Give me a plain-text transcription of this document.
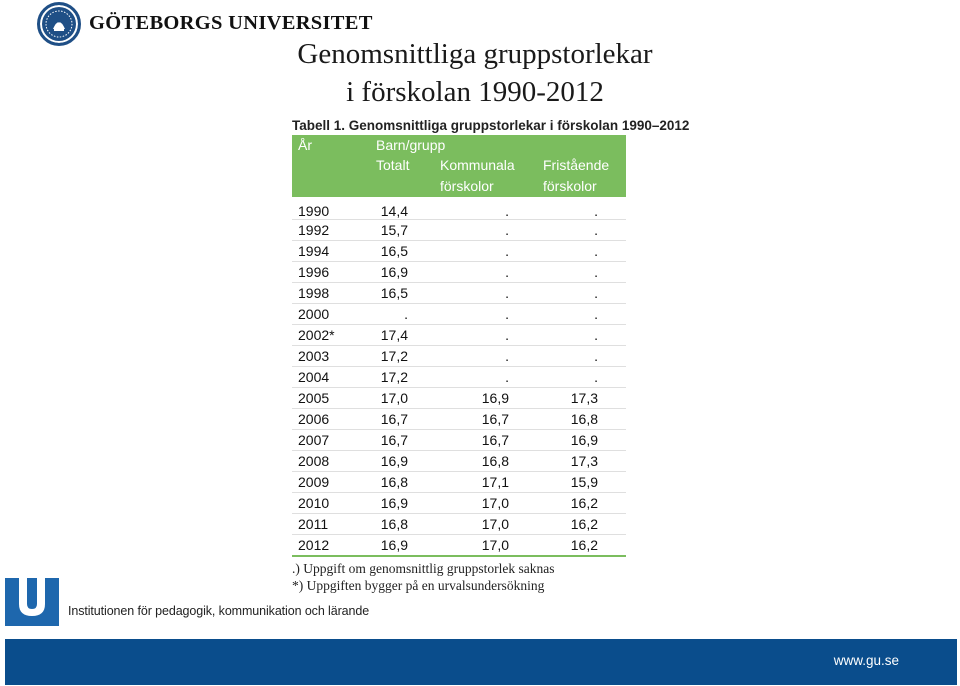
GÖTEBORGS UNIVERSITET
Genomsnittliga gruppstorlekar
i förskolan 1990-2012
Tabell 1. Genomsnittliga gruppstorlekar i förskolan 1990–2012
År	Barn/grupp		
	Totalt	Kommunala	Fristående
		förskolor	förskolor
1990	14,4	.	.
1992	15,7	.	.
1994	16,5	.	.
1996	16,9	.	.
1998	16,5	.	.
2000	.	.	.
2002*	17,4	.	.
2003	17,2	.	.
2004	17,2	.	.
2005	17,0	16,9	17,3
2006	16,7	16,7	16,8
2007	16,7	16,7	16,9
2008	16,9	16,8	17,3
2009	16,8	17,1	15,9
2010	16,9	17,0	16,2
2011	16,8	17,0	16,2
2012	16,9	17,0	16,2
.) Uppgift om genomsnittlig gruppstorlek saknas
*) Uppgiften bygger på en urvalsundersökning
Institutionen för pedagogik, kommunikation och lärande
www.gu.se
